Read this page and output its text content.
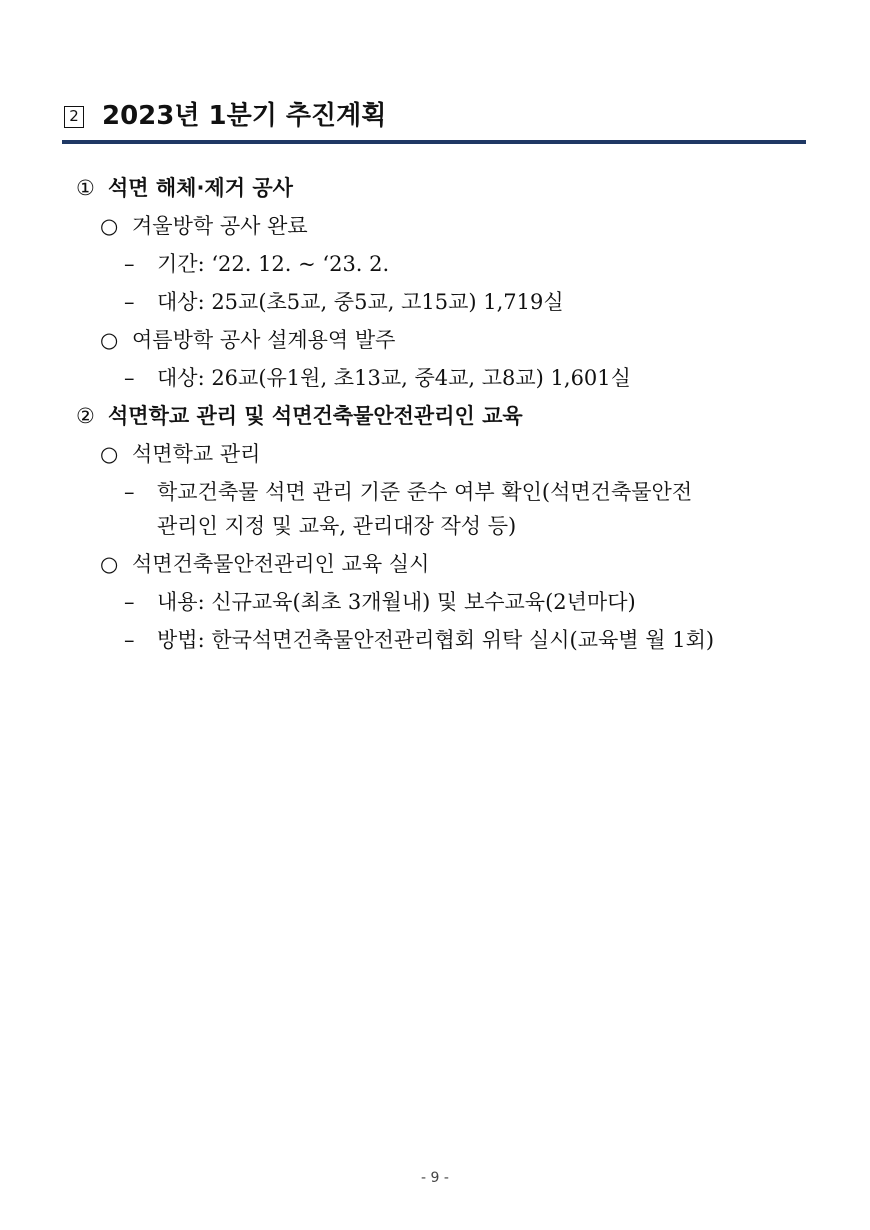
2 2023년 1분기 추진계획
① 석면 해체·제거 공사
○ 겨울방학 공사 완료
– 기간: ‘22. 12. ~ ‘23. 2.
– 대상: 25교(초5교, 중5교, 고15교) 1,719실
○ 여름방학 공사 설계용역 발주
– 대상: 26교(유1원, 초13교, 중4교, 고8교) 1,601실
② 석면학교 관리 및 석면건축물안전관리인 교육
○ 석면학교 관리
– 학교건축물 석면 관리 기준 준수 여부 확인(석면건축물안전
관리인 지정 및 교육, 관리대장 작성 등)
○ 석면건축물안전관리인 교육 실시
– 내용: 신규교육(최초 3개월내) 및 보수교육(2년마다)
– 방법: 한국석면건축물안전관리협회 위탁 실시(교육별 월 1회)
- 9 -
